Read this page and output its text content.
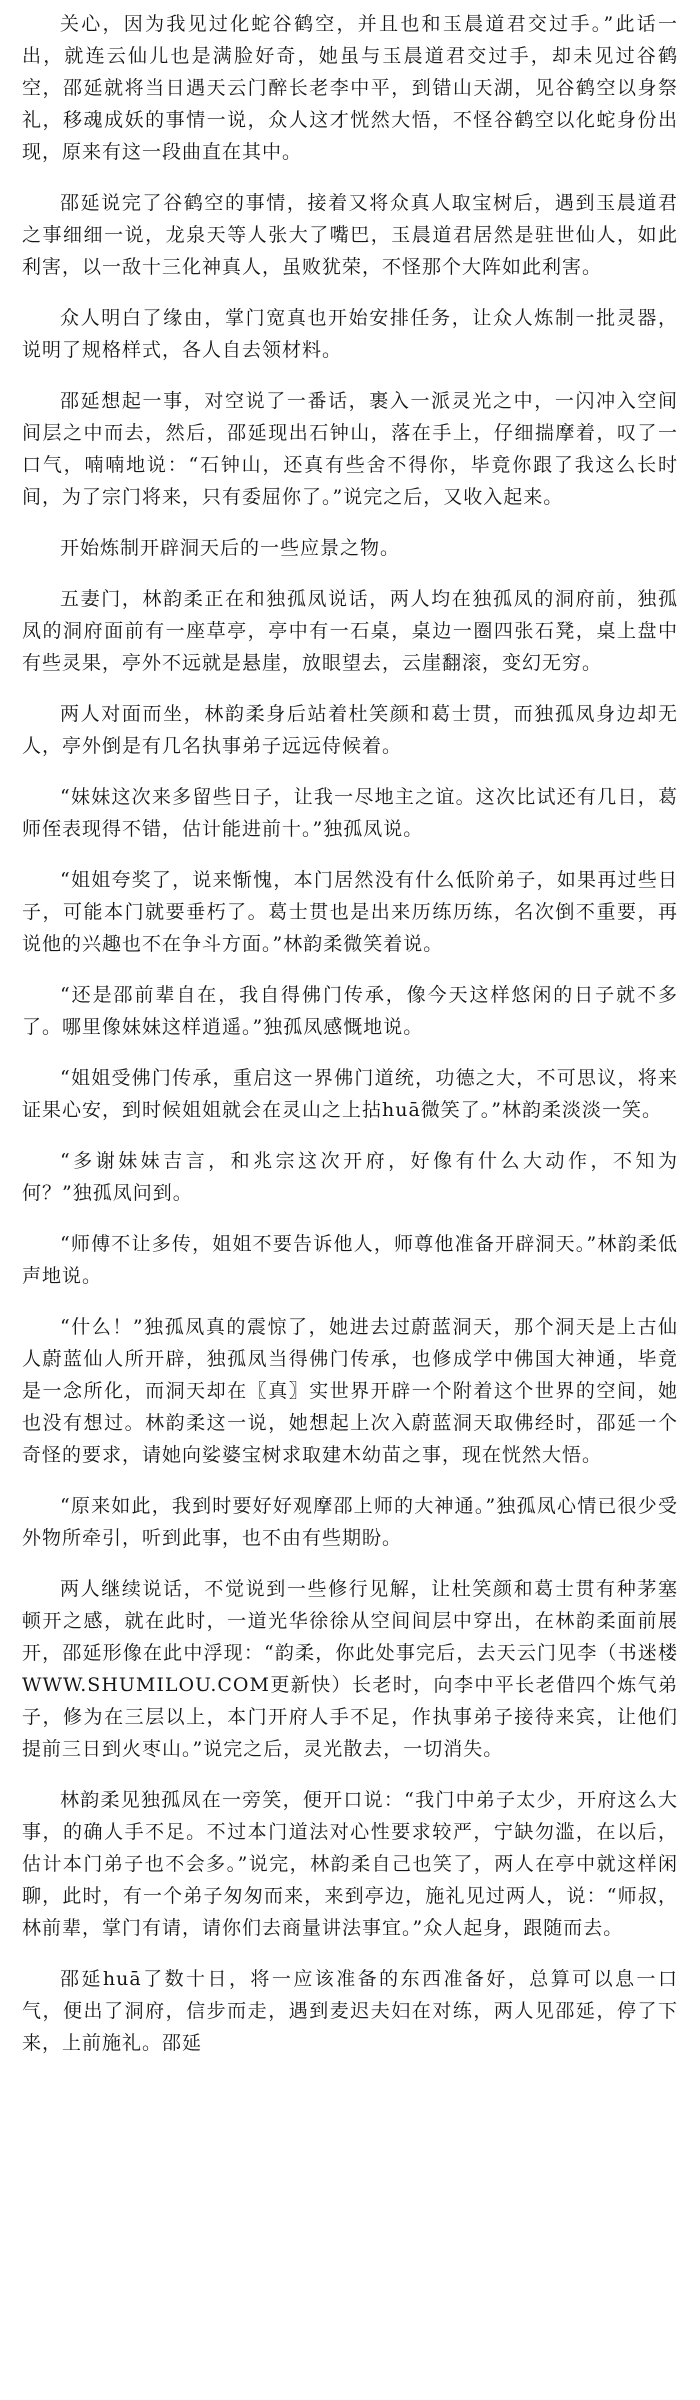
关心，因为我见过化蛇谷鹤空，并且也和玉晨道君交过手。”此话一出，就连云仙儿也是满脸好奇，她虽与玉晨道君交过手，却未见过谷鹤空，邵延就将当日遇天云门醉长老李中平，到错山天湖，见谷鹤空以身祭礼，移魂成妖的事情一说，众人这才恍然大悟，不怪谷鹤空以化蛇身份出现，原来有这一段曲直在其中。

邵延说完了谷鹤空的事情，接着又将众真人取宝树后，遇到玉晨道君之事细细一说，龙泉天等人张大了嘴巴，玉晨道君居然是驻世仙人，如此利害，以一敌十三化神真人，虽败犹荣，不怪那个大阵如此利害。

众人明白了缘由，掌门宽真也开始安排任务，让众人炼制一批灵器，说明了规格样式，各人自去领材料。

邵延想起一事，对空说了一番话，裹入一派灵光之中，一闪冲入空间间层之中而去，然后，邵延现出石钟山，落在手上，仔细揣摩着，叹了一口气，喃喃地说：“石钟山，还真有些舍不得你，毕竟你跟了我这么长时间，为了宗门将来，只有委屈你了。”说完之后，又收入起来。

开始炼制开辟洞天后的一些应景之物。

五妻门，林韵柔正在和独孤凤说话，两人均在独孤凤的洞府前，独孤凤的洞府面前有一座草亭，亭中有一石桌，桌边一圈四张石凳，桌上盘中有些灵果，亭外不远就是悬崖，放眼望去，云崖翻滚，变幻无穷。

两人对面而坐，林韵柔身后站着杜笑颜和葛士贯，而独孤凤身边却无人，亭外倒是有几名执事弟子远远侍候着。

“妹妹这次来多留些日子，让我一尽地主之谊。这次比试还有几日，葛师侄表现得不错，估计能进前十。”独孤凤说。

“姐姐夸奖了，说来惭愧，本门居然没有什么低阶弟子，如果再过些日子，可能本门就要垂朽了。葛士贯也是出来历练历练，名次倒不重要，再说他的兴趣也不在争斗方面。”林韵柔微笑着说。

“还是邵前辈自在，我自得佛门传承，像今天这样悠闲的日子就不多了。哪里像妹妹这样逍遥。”独孤凤感慨地说。

“姐姐受佛门传承，重启这一界佛门道统，功德之大，不可思议，将来证果心安，到时候姐姐就会在灵山之上拈huā微笑了。”林韵柔淡淡一笑。

“多谢妹妹吉言，和兆宗这次开府，好像有什么大动作，不知为何？”独孤凤问到。

“师傅不让多传，姐姐不要告诉他人，师尊他准备开辟洞天。”林韵柔低声地说。

“什么！”独孤凤真的震惊了，她进去过蔚蓝洞天，那个洞天是上古仙人蔚蓝仙人所开辟，独孤凤当得佛门传承，也修成学中佛国大神通，毕竟是一念所化，而洞天却在〖真〗实世界开辟一个附着这个世界的空间，她也没有想过。林韵柔这一说，她想起上次入蔚蓝洞天取佛经时，邵延一个奇怪的要求，请她向娑婆宝树求取建木幼苗之事，现在恍然大悟。

“原来如此，我到时要好好观摩邵上师的大神通。”独孤凤心情已很少受外物所牵引，听到此事，也不由有些期盼。

两人继续说话，不觉说到一些修行见解，让杜笑颜和葛士贯有种茅塞顿开之感，就在此时，一道光华徐徐从空间间层中穿出，在林韵柔面前展开，邵延形像在此中浮现：“韵柔，你此处事完后，去天云门见李（书迷楼WWW.SHUMILOU.COM更新快）长老时，向李中平长老借四个炼气弟子，修为在三层以上，本门开府人手不足，作执事弟子接待来宾，让他们提前三日到火枣山。”说完之后，灵光散去，一切消失。

林韵柔见独孤凤在一旁笑，便开口说：“我门中弟子太少，开府这么大事，的确人手不足。不过本门道法对心性要求较严，宁缺勿滥，在以后，估计本门弟子也不会多。”说完，林韵柔自己也笑了，两人在亭中就这样闲聊，此时，有一个弟子匆匆而来，来到亭边，施礼见过两人，说：“师叔，林前辈，掌门有请，请你们去商量讲法事宜。”众人起身，跟随而去。

邵延huā了数十日，将一应该准备的东西准备好，总算可以息一口气，便出了洞府，信步而走，遇到麦迟夫妇在对练，两人见邵延，停了下来，上前施礼。邵延
